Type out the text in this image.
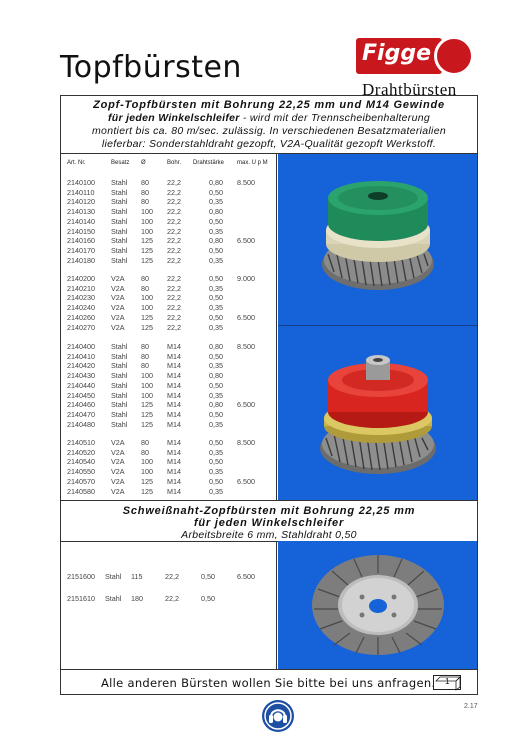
Topfbürsten	Figge
Drahtbürsten
Zopf-Topfbürsten mit Bohrung 22,25 mm und M14 Gewinde
für jeden Winkelschleifer - wird mit der Trennscheibenhalterung
montiert bis ca. 80 m/sec. zulässig. In verschiedenen Besatzmaterialien
lieferbar: Sonderstahldraht gezopft, V2A-Qualität gezopft Werkstoff.
Art. Nr.	Besatz Ø	Bohr. Drahtstärke max. U p M
2140100 Stahl 80	22,2	0,80 8.500
2140110 Stahl 80	22,2	0,50
2140120 Stahl 80	22,2	0,35
2140130 Stahl 100 22,2	0,80
2140140 Stahl 100 22,2	0,50
2140150 Stahl 100 22,2	0,35
2140160 Stahl 125 22,2	0,80 6.500
2140170 Stahl 125 22,2	0,50
2140180 Stahl 125 22,2	0,35
2140200 V2A 80	22,2	0,50 9.000
2140210 V2A 80	22,2	0,35
2140230 V2A 100 22,2	0,50
2140240 V2A 100 22,2	0,35
2140260 V2A 125 22,2	0,50 6.500
2140270 V2A 125 22,2	0,35
2140400 Stahl 80	M14	0,80 8.500
2140410 Stahl 80	M14	0,50
2140420 Stahl 80	M14	0,35
2140430 Stahl 100 M14	0,80
2140440 Stahl 100 M14	0,50
2140450 Stahl 100 M14	0,35
2140460 Stahl 125 M14	0,80 6.500
2140470 Stahl 125 M14	0,50
2140480 Stahl 125 M14	0,35
2140510 V2A 80	M14	0,50 8.500
2140520 V2A 80	M14	0,35
2140540 V2A 100 M14	0,50
2140550 V2A 100 M14	0,35
2140570 V2A 125 M14	0,50 6.500
2140580 V2A 125 M14	0,35
Schweißnaht-Zopfbürsten mit Bohrung 22,25 mm
für jeden Winkelschleifer
Arbeitsbreite 6 mm, Stahldraht 0,50
2151600 Stahl 115	22,2	0,50	6.500
2151610 Stahl 180	22,2	0,50
Alle anderen Bürsten wollen Sie bitte bei uns anfragen. 1
2.17
